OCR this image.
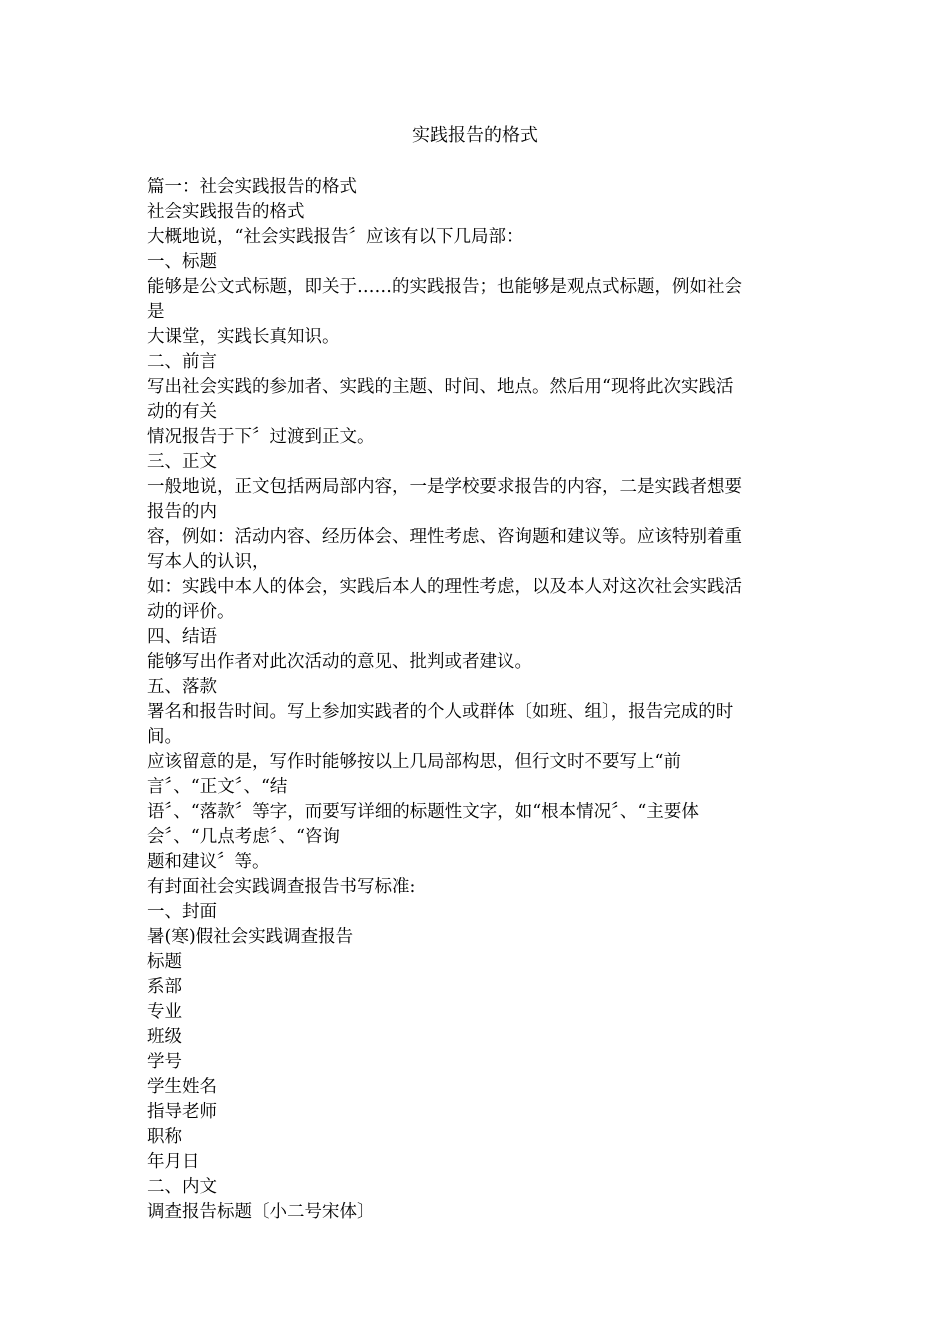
实践报告的格式
篇一：社会实践报告的格式
社会实践报告的格式
大概地说，“社会实践报告〞应该有以下几局部：
一、标题
能够是公文式标题，即关于……的实践报告；也能够是观点式标题，例如社会
是
大课堂，实践长真知识。
二、前言
写出社会实践的参加者、实践的主题、时间、地点。然后用“现将此次实践活
动的有关
情况报告于下〞过渡到正文。
三、正文
一般地说，正文包括两局部内容，一是学校要求报告的内容，二是实践者想要
报告的内
容，例如：活动内容、经历体会、理性考虑、咨询题和建议等。应该特别着重
写本人的认识，
如：实践中本人的体会，实践后本人的理性考虑，以及本人对这次社会实践活
动的评价。
四、结语
能够写出作者对此次活动的意见、批判或者建议。
五、落款
署名和报告时间。写上参加实践者的个人或群体〔如班、组〕，报告完成的时
间。
应该留意的是，写作时能够按以上几局部构思，但行文时不要写上“前
言〞、“正文〞、“结
语〞、“落款〞等字，而要写详细的标题性文字，如“根本情况〞、“主要体
会〞、“几点考虑〞、“咨询
题和建议〞等。
有封面社会实践调查报告书写标准:
一、封面
暑(寒)假社会实践调查报告
标题
系部
专业
班级
学号
学生姓名
指导老师
职称
年月日
二、内文
调查报告标题〔小二号宋体〕
